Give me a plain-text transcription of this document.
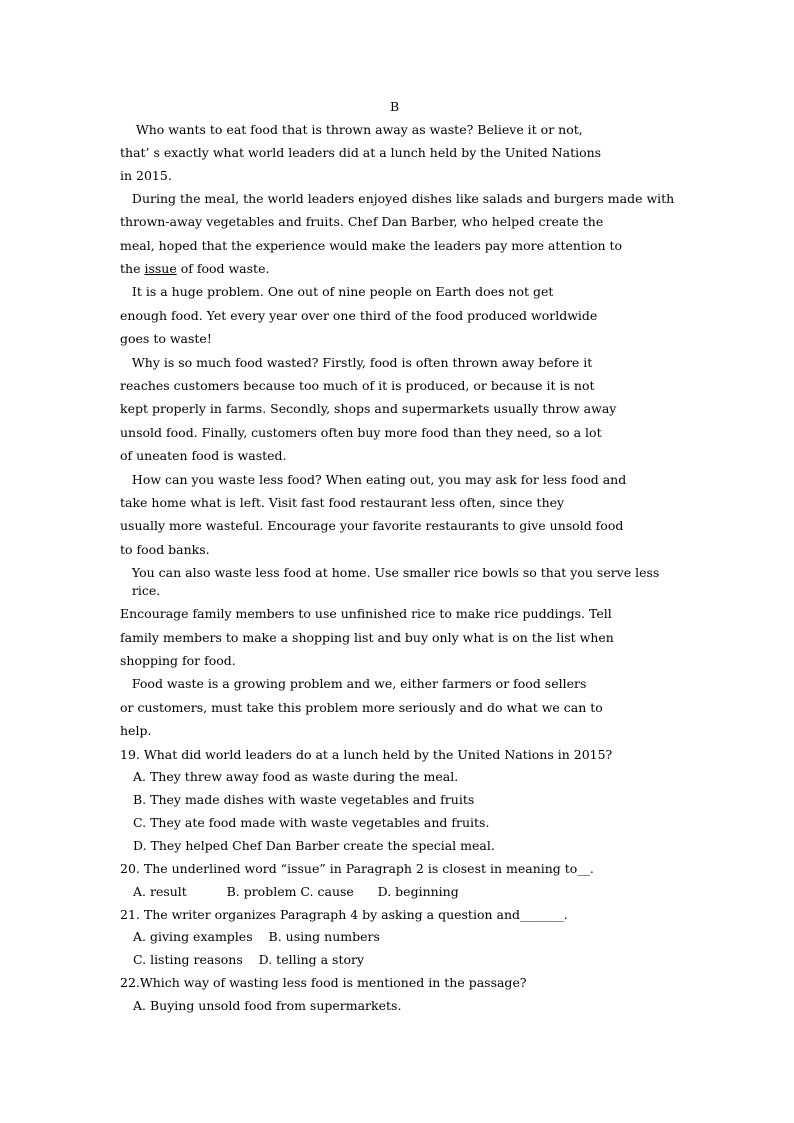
B
Who wants to eat food that is thrown away as waste? Believe it or not,
that’ s exactly what world leaders did at a lunch held by the United Nations
in 2015.
During the meal, the world leaders enjoyed dishes like salads and burgers made with
thrown-away vegetables and fruits. Chef Dan Barber, who helped create the
meal, hoped that the experience would make the leaders pay more attention to
the issue of food waste.
It is a huge problem. One out of nine people on Earth does not get
enough food. Yet every year over one third of the food produced worldwide
goes to waste!
Why is so much food wasted? Firstly, food is often thrown away before it
reaches customers because too much of it is produced, or because it is not
kept properly in farms. Secondly, shops and supermarkets usually throw away
unsold food. Finally, customers often buy more food than they need, so a lot
of uneaten food is wasted.
How can you waste less food? When eating out, you may ask for less food and
take home what is left. Visit fast food restaurant less often, since they
usually more wasteful. Encourage your favorite restaurants to give unsold food
to food banks.
You can also waste less food at home. Use smaller rice bowls so that you serve less
rice.
Encourage family members to use unfinished rice to make rice puddings. Tell
family members to make a shopping list and buy only what is on the list when
shopping for food.
Food waste is a growing problem and we, either farmers or food sellers
or customers, must take this problem more seriously and do what we can to
help.
19. What did world leaders do at a lunch held by the United Nations in 2015?
A. They threw away food as waste during the meal.
B. They made dishes with waste vegetables and fruits
C. They ate food made with waste vegetables and fruits.
D. They helped Chef Dan Barber create the special meal.
20. The underlined word “issue” in Paragraph 2 is closest in meaning to__.
A. result          B. problem C. cause      D. beginning
21. The writer organizes Paragraph 4 by asking a question and_______.
A. giving examples    B. using numbers
C. listing reasons    D. telling a story
22.Which way of wasting less food is mentioned in the passage?
A. Buying unsold food from supermarkets.
